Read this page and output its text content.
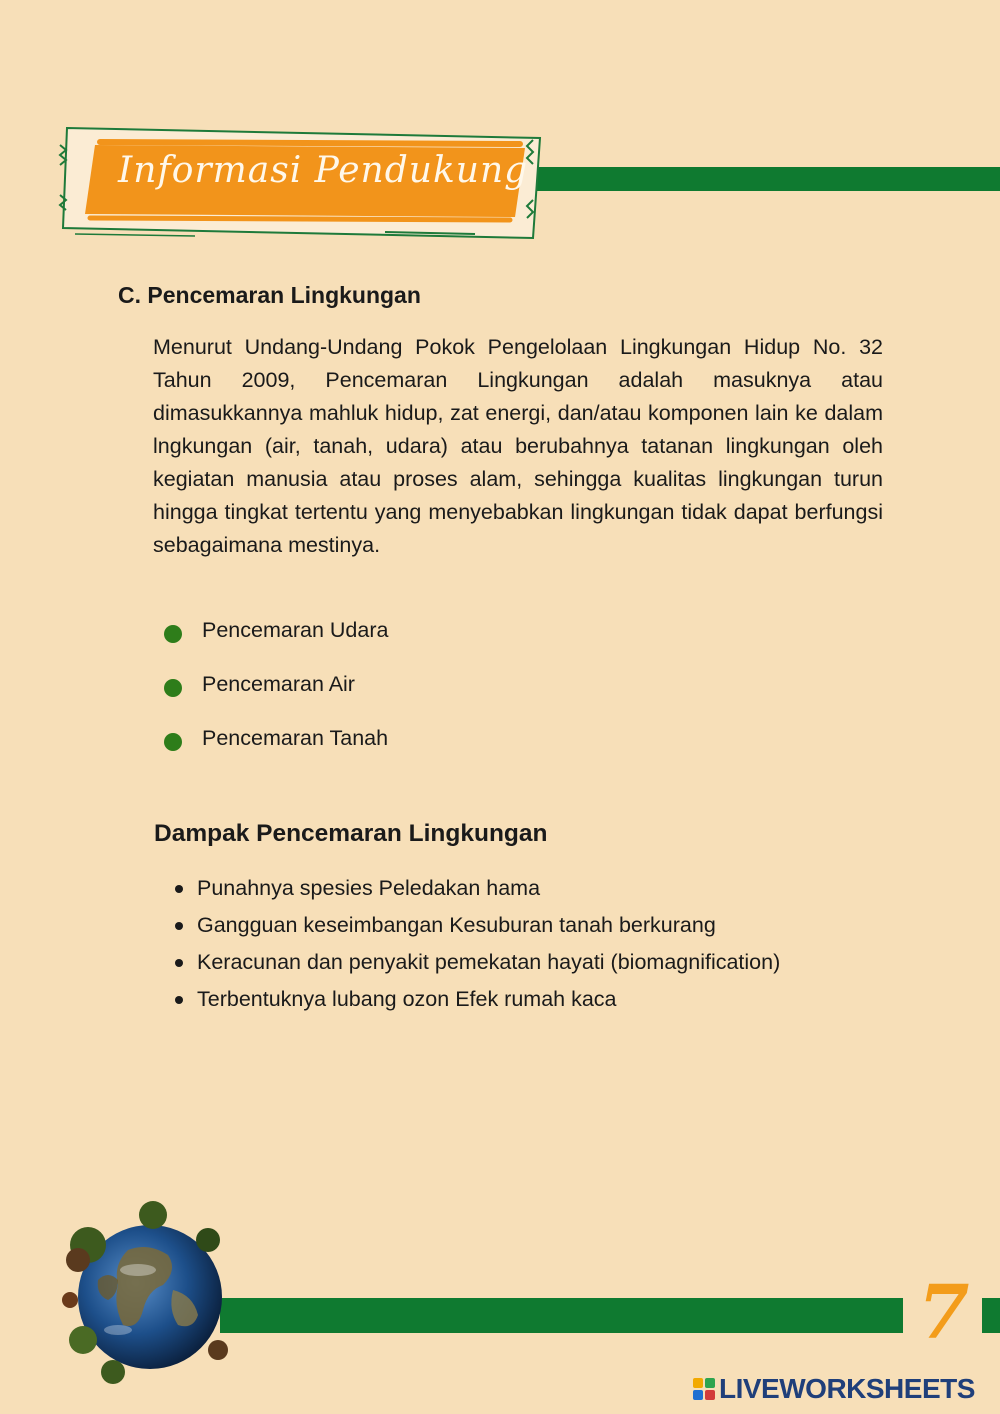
Informasi Pendukung
C. Pencemaran Lingkungan
Menurut Undang-Undang Pokok Pengelolaan Lingkungan Hidup No. 32 Tahun 2009, Pencemaran Lingkungan adalah masuknya atau dimasukkannya mahluk hidup, zat energi, dan/atau komponen lain ke dalam lngkungan (air, tanah, udara) atau berubahnya tatanan lingkungan oleh kegiatan manusia atau proses alam, sehingga kualitas lingkungan turun hingga tingkat tertentu yang menyebabkan lingkungan tidak dapat berfungsi sebagaimana mestinya.
Pencemaran Udara
Pencemaran Air
Pencemaran Tanah
Dampak Pencemaran Lingkungan
Punahnya spesies Peledakan hama
Gangguan keseimbangan Kesuburan tanah berkurang
Keracunan dan penyakit pemekatan hayati (biomagnification)
Terbentuknya lubang ozon Efek rumah kaca
7
LIVEWORKSHEETS
